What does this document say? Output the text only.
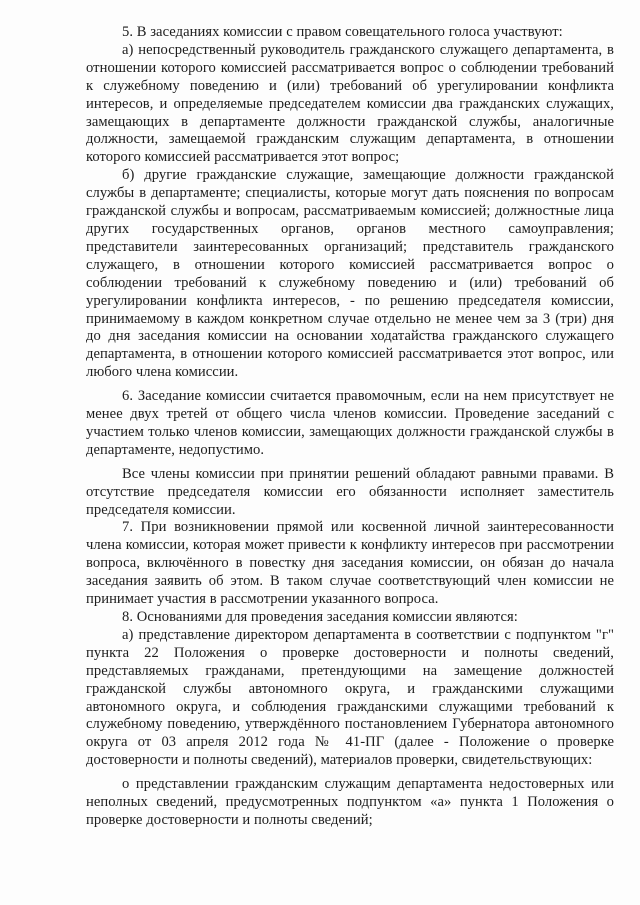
5. В заседаниях комиссии с правом совещательного голоса участвуют:

а) непосредственный руководитель гражданского служащего департамента, в отношении которого комиссией рассматривается вопрос о соблюдении требований к служебному поведению и (или) требований об урегулировании конфликта интересов, и определяемые председателем комиссии два гражданских служащих, замещающих в департаменте должности гражданской службы, аналогичные должности, замещаемой гражданским служащим департамента, в отношении которого комиссией рассматривается этот вопрос;

б) другие гражданские служащие, замещающие должности гражданской службы в департаменте; специалисты, которые могут дать пояснения по вопросам гражданской службы и вопросам, рассматриваемым комиссией; должностные лица других государственных органов, органов местного самоуправления; представители заинтересованных организаций; представитель гражданского служащего, в отношении которого комиссией рассматривается вопрос о соблюдении требований к служебному поведению и (или) требований об урегулировании конфликта интересов, - по решению председателя комиссии, принимаемому в каждом конкретном случае отдельно не менее чем за 3 (три) дня до дня заседания комиссии на основании ходатайства гражданского служащего департамента, в отношении которого комиссией рассматривается этот вопрос, или любого члена комиссии.

6. Заседание комиссии считается правомочным, если на нем присутствует не менее двух третей от общего числа членов комиссии. Проведение заседаний с участием только членов комиссии, замещающих должности гражданской службы в департаменте, недопустимо.

Все члены комиссии при принятии решений обладают равными правами. В отсутствие председателя комиссии его обязанности исполняет заместитель председателя комиссии.

7. При возникновении прямой или косвенной личной заинтересованности члена комиссии, которая может привести к конфликту интересов при рассмотрении вопроса, включённого в повестку дня заседания комиссии, он обязан до начала заседания заявить об этом. В таком случае соответствующий член комиссии не принимает участия в рассмотрении указанного вопроса.

8. Основаниями для проведения заседания комиссии являются:

а) представление директором департамента в соответствии с подпунктом "г" пункта 22 Положения о проверке достоверности и полноты сведений, представляемых гражданами, претендующими на замещение должностей гражданской службы автономного округа, и гражданскими служащими автономного округа, и соблюдения гражданскими служащими требований к служебному поведению, утверждённого постановлением Губернатора автономного округа от 03 апреля 2012 года № 41-ПГ (далее - Положение о проверке достоверности и полноты сведений), материалов проверки, свидетельствующих:

о представлении гражданским служащим департамента недостоверных или неполных сведений, предусмотренных подпунктом «а» пункта 1 Положения о проверке достоверности и полноты сведений;
